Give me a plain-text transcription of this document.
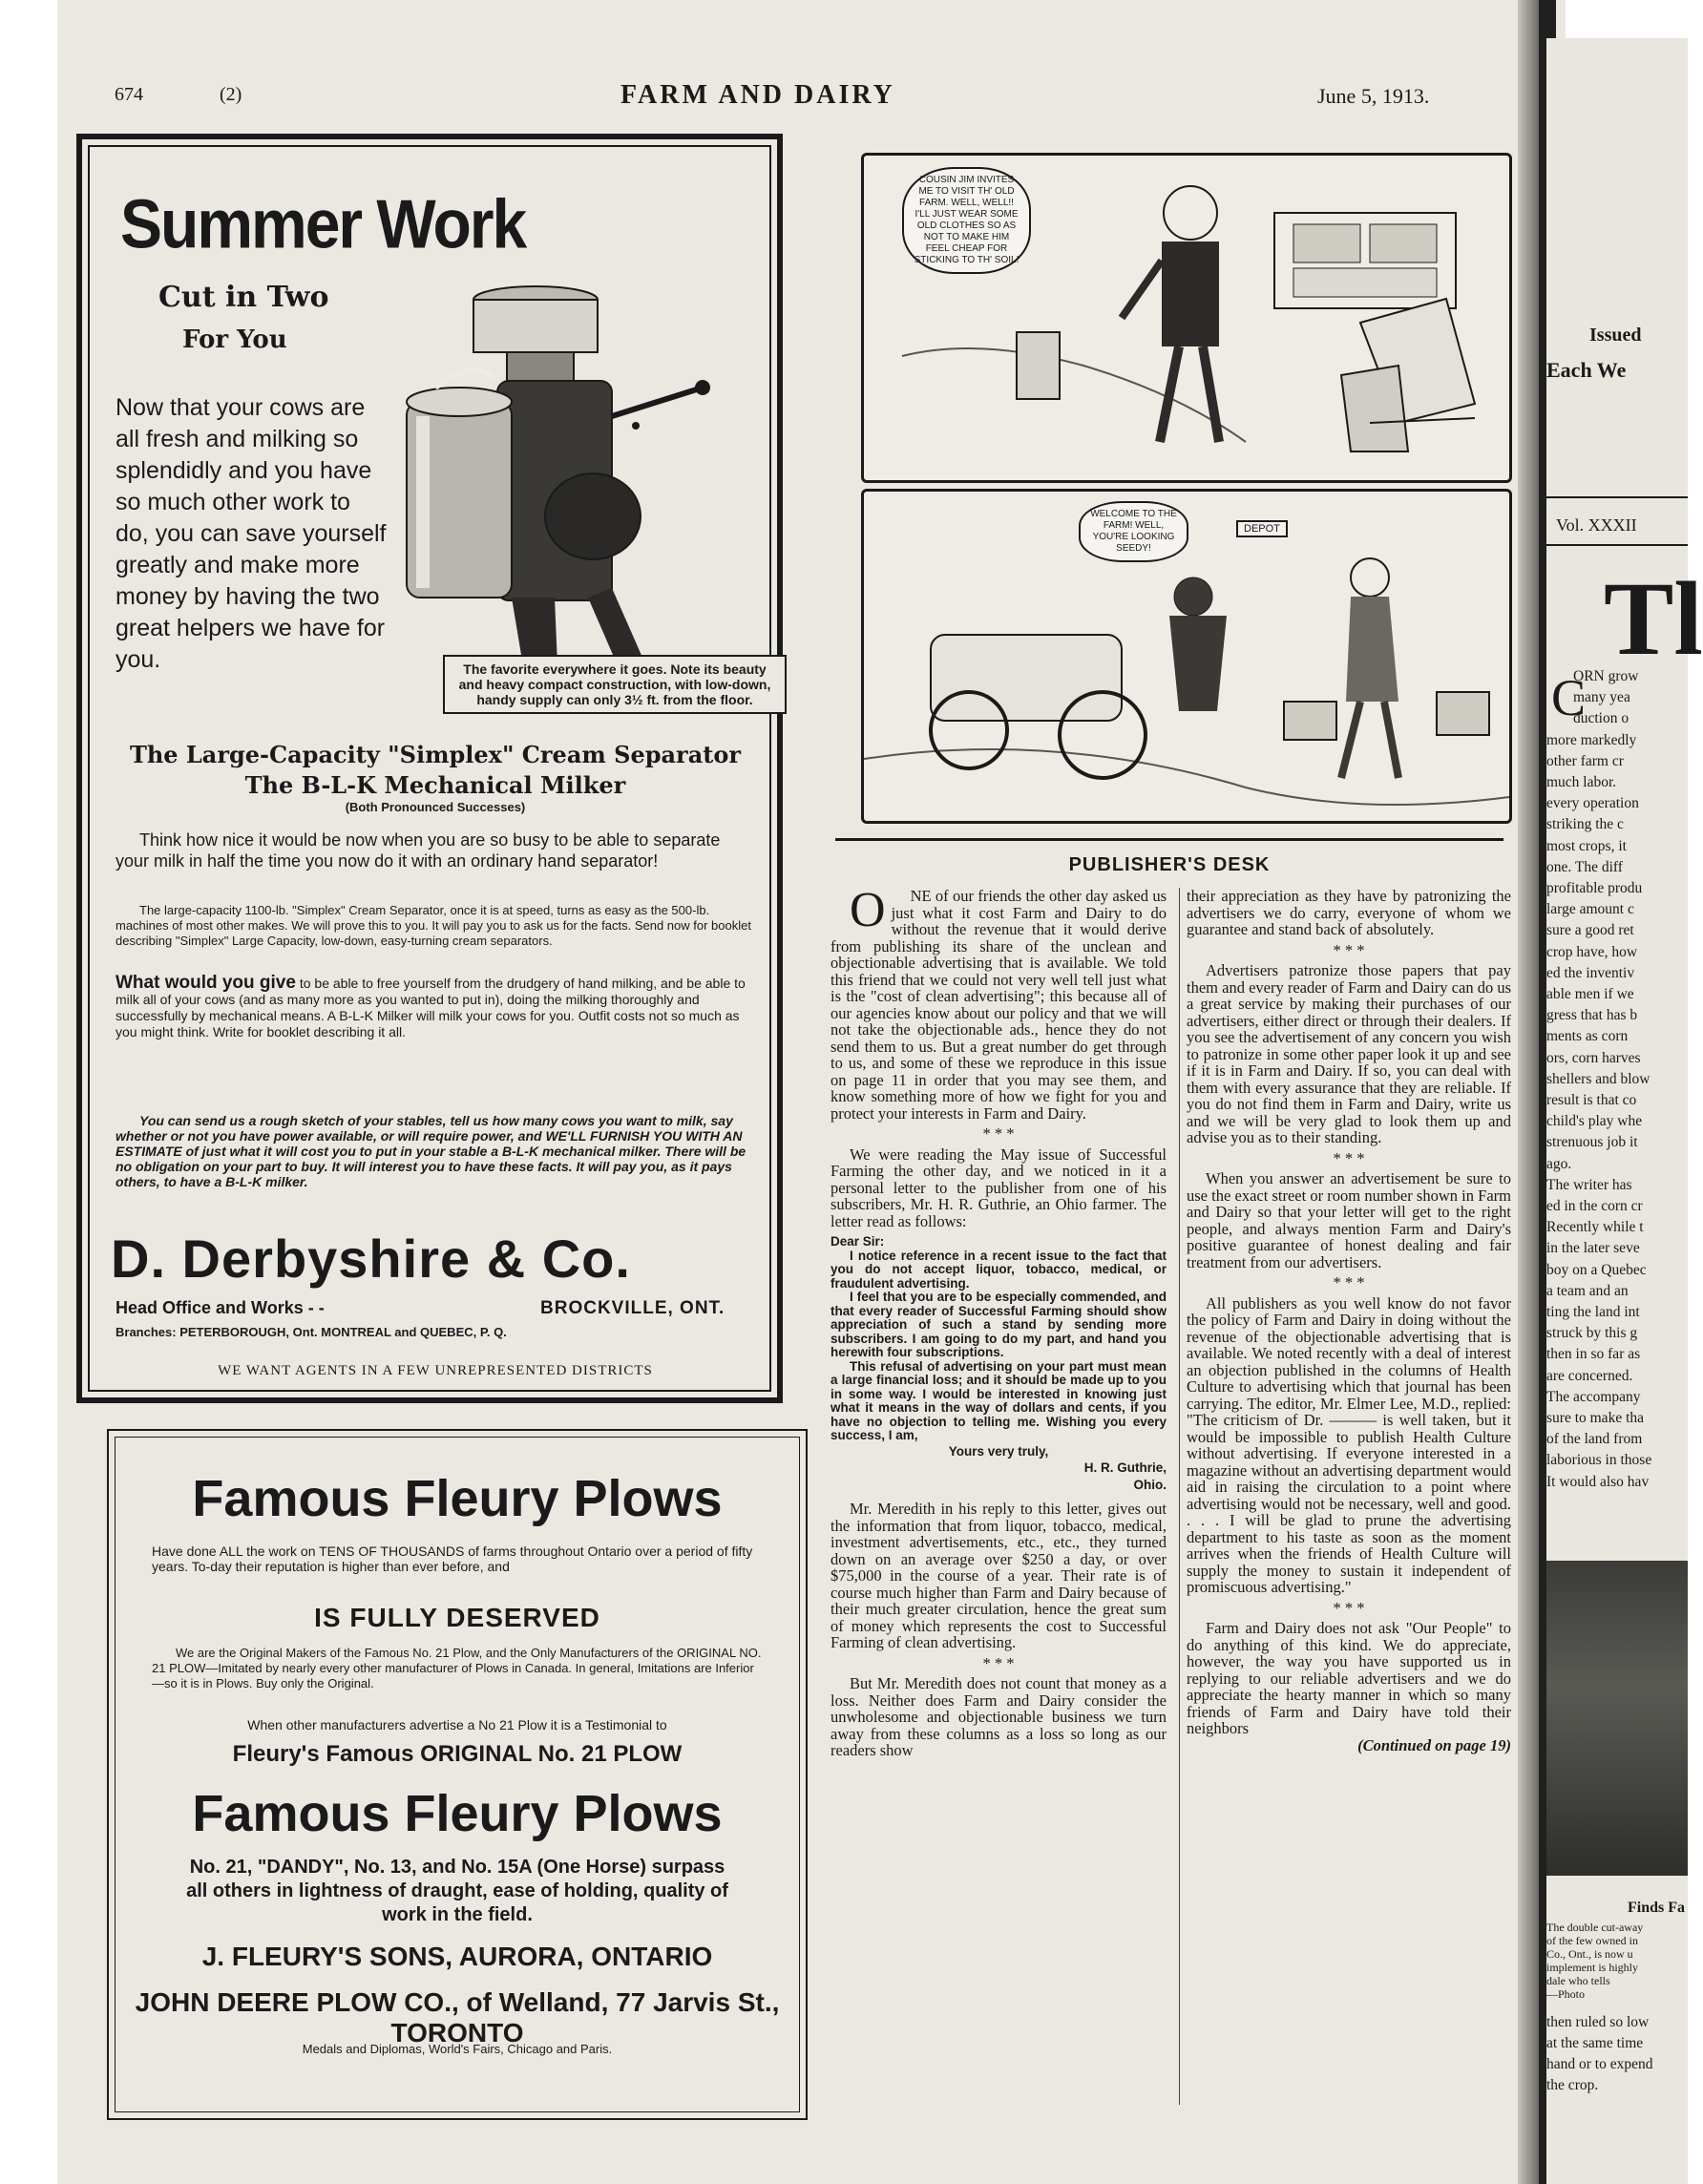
674	(2)	FARM AND DAIRY	June 5, 1913.
Summer Work
Cut in Two
For You
Now that your cows are all fresh and milking so splendidly and you have so much other work to do, you can save yourself greatly and make more money by having the two great helpers we have for you.	The favorite everywhere it goes. Note its beauty and heavy compact construction, with low-down, handy supply can only 3½ ft. from the floor.
The Large-Capacity "Simplex" Cream Separator
The B-L-K Mechanical Milker
(Both Pronounced Successes)
Think how nice it would be now when you are so busy to be able to separate your milk in half the time you now do it with an ordinary hand separator!
The large-capacity 1100-lb. "Simplex" Cream Separator, once it is at speed, turns as easy as the 500-lb. machines of most other makes. We will prove this to you. It will pay you to ask us for the facts. Send now for booklet describing "Simplex" Large Capacity, low-down, easy-turning cream separators.
What would you give to be able to free yourself from the drudgery of hand milking, and be able to milk all of your cows (and as many more as you wanted to put in), doing the milking thoroughly and successfully by mechanical means. A B-L-K Milker will milk your cows for you. Outfit costs not so much as you might think. Write for booklet describing it all.
You can send us a rough sketch of your stables, tell us how many cows you want to milk, say whether or not you have power available, or will require power, and WE'LL FURNISH YOU WITH AN ESTIMATE of just what it will cost you to put in your stable a B-L-K mechanical milker. There will be no obligation on your part to buy. It will interest you to have these facts. It will pay you, as it pays others, to have a B-L-K milker.
D. Derbyshire & Co.
Head Office and Works - -	BROCKVILLE, ONT.
Branches: PETERBOROUGH, Ont. MONTREAL and QUEBEC, P. Q.
WE WANT AGENTS IN A FEW UNREPRESENTED DISTRICTS
Famous Fleury Plows
Have done ALL the work on TENS OF THOUSANDS of farms throughout Ontario over a period of fifty years. To-day their reputation is higher than ever before, and
IS FULLY DESERVED
We are the Original Makers of the Famous No. 21 Plow, and the Only Manufacturers of the ORIGINAL NO. 21 PLOW—Imitated by nearly every other manufacturer of Plows in Canada. In general, Imitations are Inferior—so it is in Plows. Buy only the Original.
When other manufacturers advertise a No 21 Plow it is a Testimonial to
Fleury's Famous ORIGINAL No. 21 PLOW
Famous Fleury Plows
No. 21, "DANDY", No. 13, and No. 15A (One Horse) surpass all others in lightness of draught, ease of holding, quality of work in the field.
J. FLEURY'S SONS, AURORA, ONTARIO
JOHN DEERE PLOW CO., of Welland, 77 Jarvis St., TORONTO
Medals and Diplomas, World's Fairs, Chicago and Paris.
COUSIN JIM INVITES ME TO VISIT TH' OLD FARM. WELL, WELL!! I'LL JUST WEAR SOME OLD CLOTHES SO AS NOT TO MAKE HIM FEEL CHEAP FOR STICKING TO TH' SOIL!
WELCOME TO THE FARM! WELL, YOU'RE LOOKING SEEDY!
DEPOT
PUBLISHER'S DESK

O NE of our friends the other day asked us just what it cost Farm and Dairy to do without the revenue that it would derive from publishing its share of the unclean and objectionable advertising that is available. We told this friend that we could not very well tell just what is the "cost of clean advertising"; this because all of our agencies know about our policy and that we will not take the objectionable ads., hence they do not send them to us. But a great number do get through to us, and some of these we reproduce in this issue on page 11 in order that you may see them, and know something more of how we fight for you and protect your interests in Farm and Dairy.

* * *

We were reading the May issue of Successful Farming the other day, and we noticed in it a personal letter to the publisher from one of his subscribers, Mr. H. R. Guthrie, an Ohio farmer. The letter read as follows:

Dear Sir:

I notice reference in a recent issue to the fact that you do not accept liquor, tobacco, medical, or fraudulent advertising.

I feel that you are to be especially commended, and that every reader of Successful Farming should show appreciation of such a stand by sending more subscribers. I am going to do my part, and hand you herewith four subscriptions.

This refusal of advertising on your part must mean a large financial loss; and it should be made up to you in some way. I would be interested in knowing just what it means in the way of dollars and cents, if you have no objection to telling me. Wishing you every success, I am,

Yours very truly,

H. R. Guthrie,

Ohio.

Mr. Meredith in his reply to this letter, gives out the information that from liquor, tobacco, medical, investment advertisements, etc., etc., they turned down on an average over $250 a day, or over $75,000 in the course of a year. Their rate is of course much higher than Farm and Dairy because of their much greater circulation, hence the great sum of money which represents the cost to Successful Farming of clean advertising.

* * *

But Mr. Meredith does not count that money as a loss. Neither does Farm and Dairy consider the unwholesome and objectionable business we turn away from these columns as a loss so long as our readers show

their appreciation as they have by patronizing the advertisers we do carry, everyone of whom we guarantee and stand back of absolutely.

* * *

Advertisers patronize those papers that pay them and every reader of Farm and Dairy can do us a great service by making their purchases of our advertisers, either direct or through their dealers. If you see the advertisement of any concern you wish to patronize in some other paper look it up and see if it is in Farm and Dairy. If so, you can deal with them with every assurance that they are reliable. If you do not find them in Farm and Dairy, write us and we will be very glad to look them up and advise you as to their standing.

* * *

When you answer an advertisement be sure to use the exact street or room number shown in Farm and Dairy so that your letter will get to the right people, and always mention Farm and Dairy's positive guarantee of honest dealing and fair treatment from our advertisers.

* * *

All publishers as you well know do not favor the policy of Farm and Dairy in doing without the revenue of the objectionable advertising that is available. We noted recently with a deal of interest an objection published in the columns of Health Culture to advertising which that journal has been carrying. The editor, Mr. Elmer Lee, M.D., replied: "The criticism of Dr. ——— is well taken, but it would be impossible to publish Health Culture without advertising. If everyone interested in a magazine without an advertising department would aid in raising the circulation to a point where advertising would not be necessary, well and good. . . . I will be glad to prune the advertising department to his taste as soon as the moment arrives when the friends of Health Culture will supply the money to sustain it independent of promiscuous advertising."

* * *

Farm and Dairy does not ask "Our People" to do anything of this kind. We do appreciate, however, the way you have supported us in replying to our reliable advertisers and we do appreciate the hearty manner in which so many friends of Farm and Dairy have told their neighbors

(Continued on page 19)

Issued
Each We
Vol. XXXII
Tl
C
ORN grow
many yea
duction o
more markedly
other farm cr
much labor.
every operation
striking the c
most crops, it
one. The diff
profitable produ
large amount c
sure a good ret
crop have, how
ed the inventiv
able men if we
gress that has b
ments as corn
ors, corn harves
shellers and blow
result is that co
child's play whe
strenuous job it
ago.
The writer has
ed in the corn cr
Recently while t
in the later seve
boy on a Quebec
a team and an
ting the land int
struck by this g
then in so far as
are concerned.
The accompany
sure to make tha
of the land from
laborious in those
It would also hav
Finds Fa
The double cut-away
of the few owned in
Co., Ont., is now u
implement is highly
dale who tells
—Photo
then ruled so low
at the same time
hand or to expend
the crop.
